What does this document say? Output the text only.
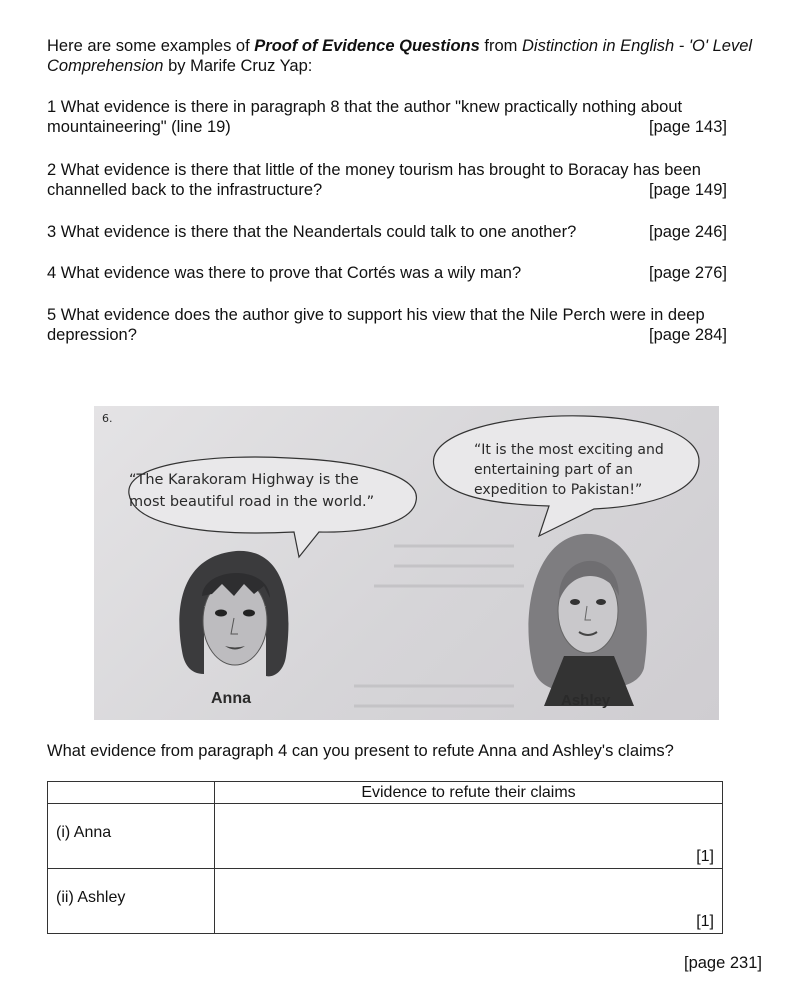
Here are some examples of Proof of Evidence Questions from Distinction in English - 'O' Level Comprehension by Marife Cruz Yap:
1 What evidence is there in paragraph 8 that the author "knew practically nothing about mountaineering" (line 19)	[page 143]
2 What evidence is there that little of the money tourism has brought to Boracay has been channelled back to the infrastructure?	[page 149]
3 What evidence is there that the Neandertals could talk to one another?	[page 246]
4 What evidence was there to prove that Cortés was a wily man?	[page 276]
5 What evidence does the author give to support his view that the Nile Perch were in deep depression?	[page 284]
6.
“The Karakoram Highway is the most beautiful road in the world.”
“It is the most exciting and entertaining part of an expedition to Pakistan!”
Anna	Ashley
What evidence from paragraph 4 can you present to refute Anna and Ashley's claims?
	Evidence to refute their claims
(i) Anna	[1]
(ii) Ashley	[1]
[page 231]
